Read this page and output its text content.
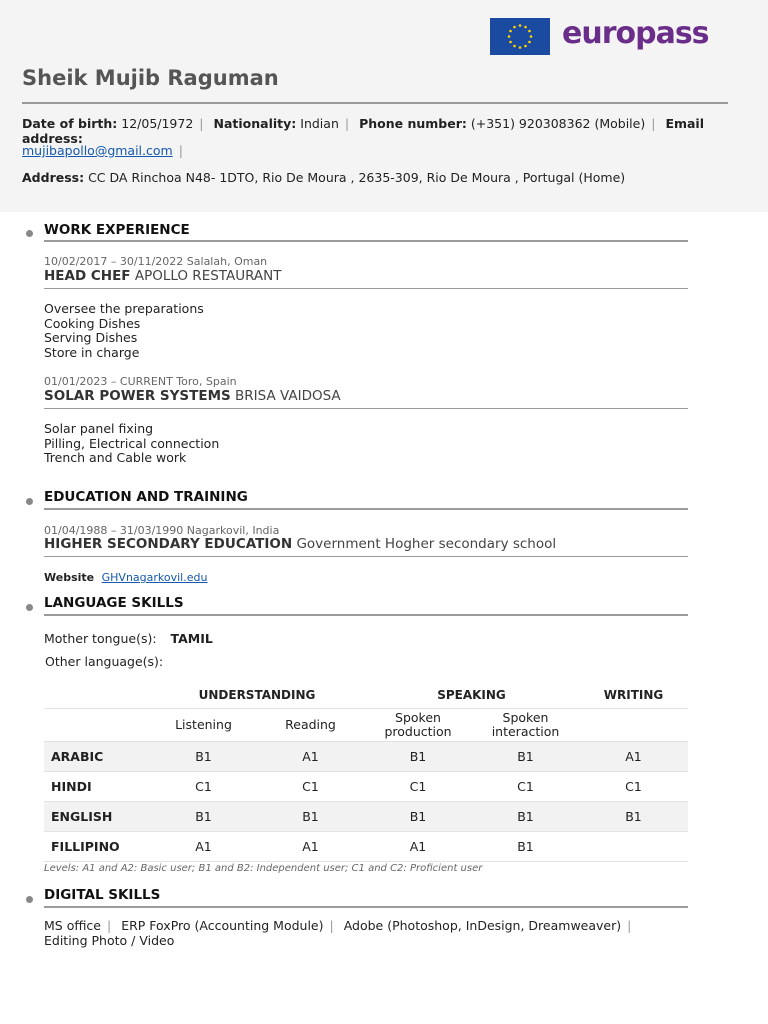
europass
Sheik Mujib Raguman
Date of birth: 12/05/1972 | Nationality: Indian | Phone number: (+351) 920308362 (Mobile) | Email address:
mujibapollo@gmail.com |
Address: CC DA Rinchoa N48- 1DTO, Rio De Moura , 2635-309, Rio De Moura , Portugal (Home)
WORK EXPERIENCE
10/02/2017 – 30/11/2022 Salalah, Oman
HEAD CHEF APOLLO RESTAURANT
Oversee the preparations
Cooking Dishes
Serving Dishes
Store in charge
01/01/2023 – CURRENT Toro, Spain
SOLAR POWER SYSTEMS BRISA VAIDOSA
Solar panel fixing
Pilling, Electrical connection
Trench and Cable work
EDUCATION AND TRAINING
01/04/1988 – 31/03/1990 Nagarkovil, India
HIGHER SECONDARY EDUCATION Government Hogher secondary school
Website GHVnagarkovil.edu
LANGUAGE SKILLS
Mother tongue(s): TAMIL
Other language(s):
	UNDERSTANDING		SPEAKING		WRITING
	Listening	Reading	Spoken production	Spoken interaction	
ARABIC	B1	A1	B1	B1	A1
HINDI	C1	C1	C1	C1	C1
ENGLISH	B1	B1	B1	B1	B1
FILLIPINO	A1	A1	A1	B1	
Levels: A1 and A2: Basic user; B1 and B2: Independent user; C1 and C2: Proficient user
DIGITAL SKILLS
MS office | ERP FoxPro (Accounting Module) | Adobe (Photoshop, InDesign, Dreamweaver) | Editing Photo / Video
